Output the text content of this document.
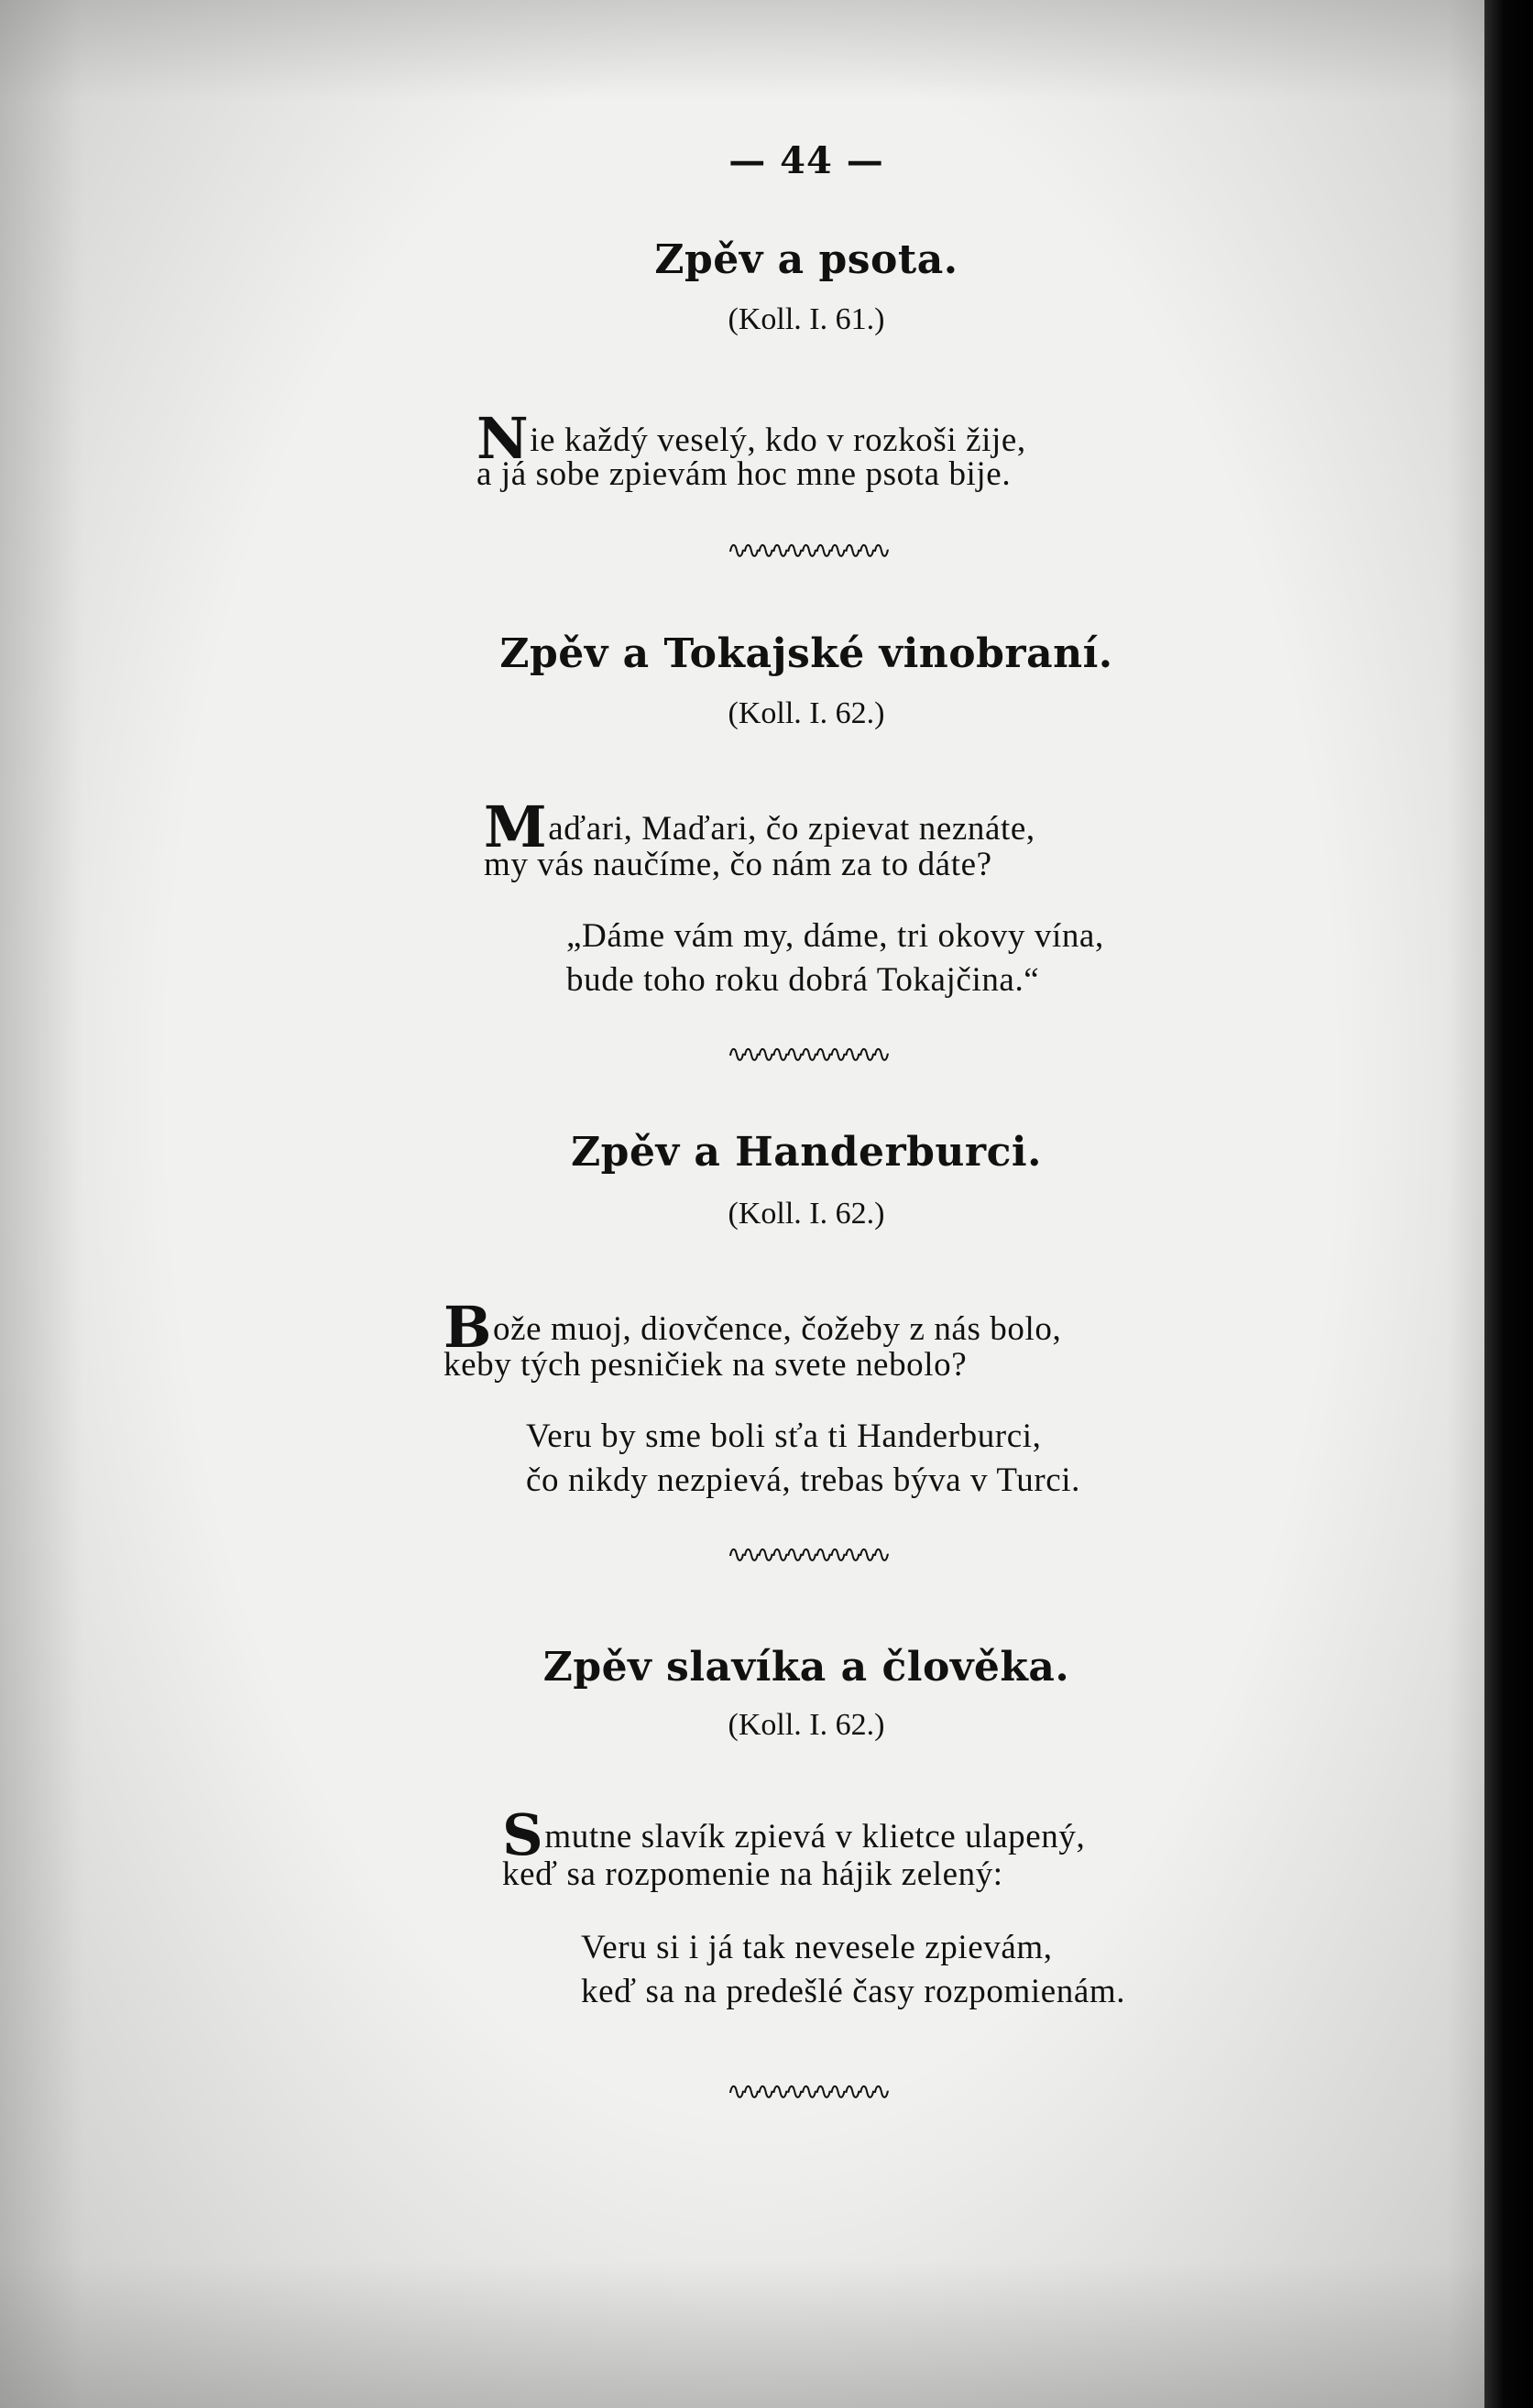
— 44 —
Zpěv a psota.
(Koll. I. 61.)
Nie každý veselý, kdo v rozkoši žije,
a já sobe zpievám hoc mne psota bije.
∿∿∿∿∿∿∿∿∿∿∿
Zpěv a Tokajské vinobraní.
(Koll. I. 62.)
Maďari, Maďari, čo zpievat neznáte,
my vás naučíme, čo nám za to dáte?
„Dáme vám my, dáme, tri okovy vína,
bude toho roku dobrá Tokajčina.“
∿∿∿∿∿∿∿∿∿∿∿
Zpěv a Handerburci.
(Koll. I. 62.)
Bože muoj, diovčence, čožeby z nás bolo,
keby tých pesničiek na svete nebolo?
Veru by sme boli sťa ti Handerburci,
čo nikdy nezpievá, trebas býva v Turci.
∿∿∿∿∿∿∿∿∿∿∿
Zpěv slavíka a člověka.
(Koll. I. 62.)
Smutne slavík zpievá v klietce ulapený,
keď sa rozpomenie na hájik zelený:
Veru si i já tak nevesele zpievám,
keď sa na predešlé časy rozpomienám.
∿∿∿∿∿∿∿∿∿∿∿
